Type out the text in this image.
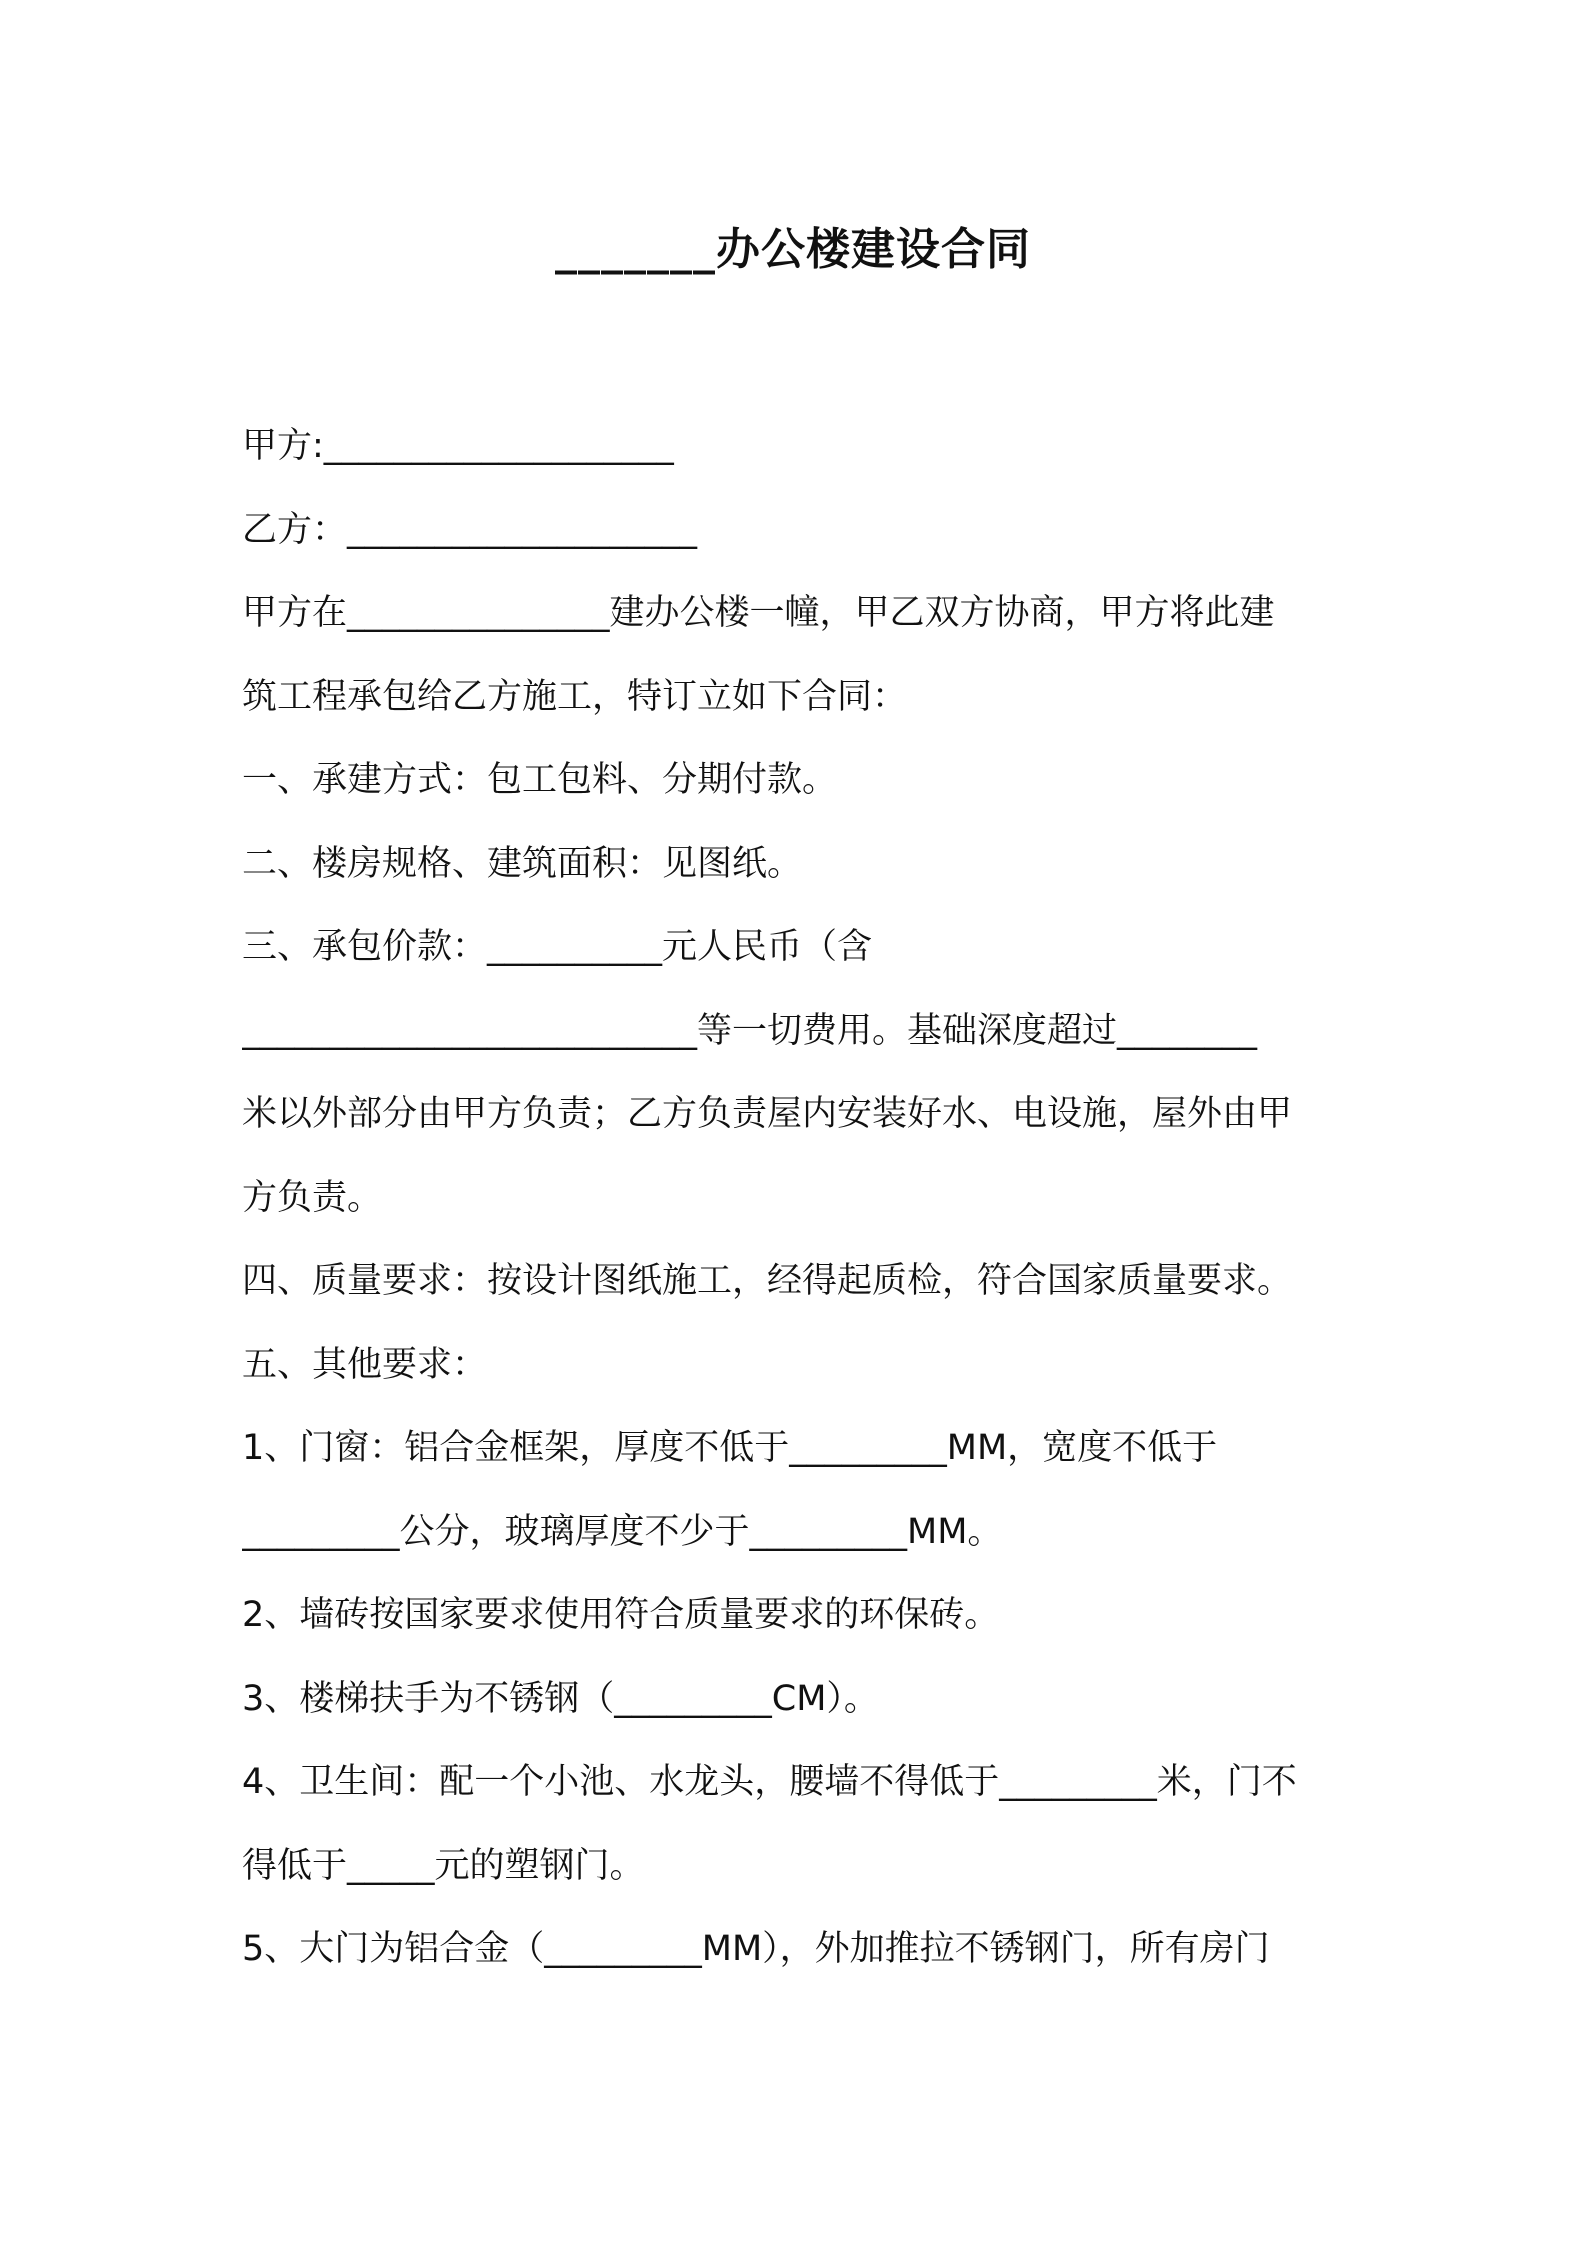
_______办公楼建设合同
甲方:____________________
乙方：____________________
甲方在_______________建办公楼一幢，甲乙双方协商，甲方将此建
筑工程承包给乙方施工，特订立如下合同：
一、承建方式：包工包料、分期付款。
二、楼房规格、建筑面积：见图纸。
三、承包价款：__________元人民币（含
__________________________等一切费用。基础深度超过________
米以外部分由甲方负责；乙方负责屋内安装好水、电设施，屋外由甲
方负责。
四、质量要求：按设计图纸施工，经得起质检，符合国家质量要求。
五、其他要求：
1、门窗：铝合金框架，厚度不低于_________MM，宽度不低于
_________公分，玻璃厚度不少于_________MM。
2、墙砖按国家要求使用符合质量要求的环保砖。
3、楼梯扶手为不锈钢（_________CM）。
4、卫生间：配一个小池、水龙头，腰墙不得低于_________米，门不
得低于_____元的塑钢门。
5、大门为铝合金（_________MM），外加推拉不锈钢门，所有房门
